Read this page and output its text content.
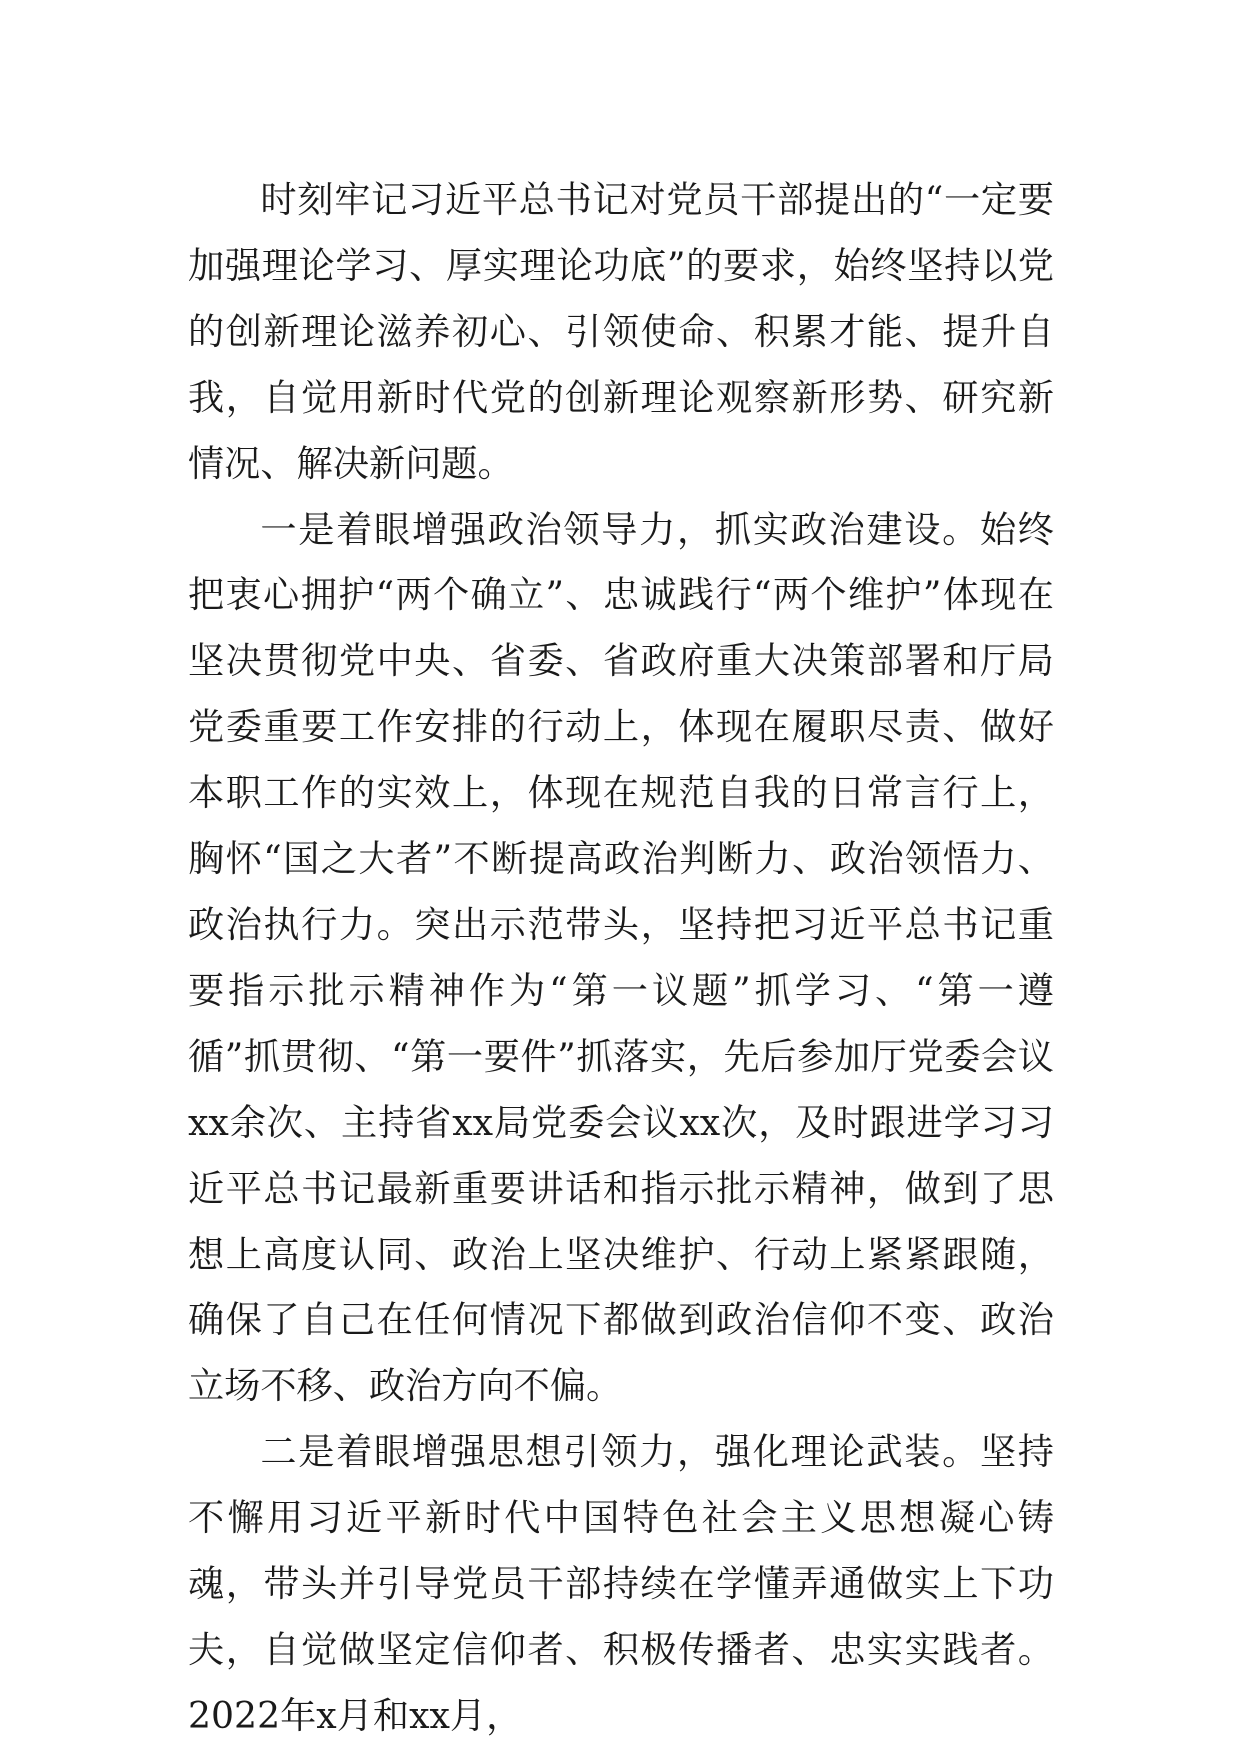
时刻牢记习近平总书记对党员干部提出的“一定要加强理论学习、厚实理论功底”的要求，始终坚持以党的创新理论滋养初心、引领使命、积累才能、提升自我，自觉用新时代党的创新理论观察新形势、研究新情况、解决新问题。

一是着眼增强政治领导力，抓实政治建设。始终把衷心拥护“两个确立”、忠诚践行“两个维护”体现在坚决贯彻党中央、省委、省政府重大决策部署和厅局党委重要工作安排的行动上，体现在履职尽责、做好本职工作的实效上，体现在规范自我的日常言行上，胸怀“国之大者”不断提高政治判断力、政治领悟力、政治执行力。突出示范带头，坚持把习近平总书记重要指示批示精神作为“第一议题”抓学习、“第一遵循”抓贯彻、“第一要件”抓落实，先后参加厅党委会议xx余次、主持省xx局党委会议xx次，及时跟进学习习近平总书记最新重要讲话和指示批示精神，做到了思想上高度认同、政治上坚决维护、行动上紧紧跟随，确保了自己在任何情况下都做到政治信仰不变、政治立场不移、政治方向不偏。

二是着眼增强思想引领力，强化理论武装。坚持不懈用习近平新时代中国特色社会主义思想凝心铸魂，带头并引导党员干部持续在学懂弄通做实上下功夫，自觉做坚定信仰者、积极传播者、忠实实践者。2022年x月和xx月，
